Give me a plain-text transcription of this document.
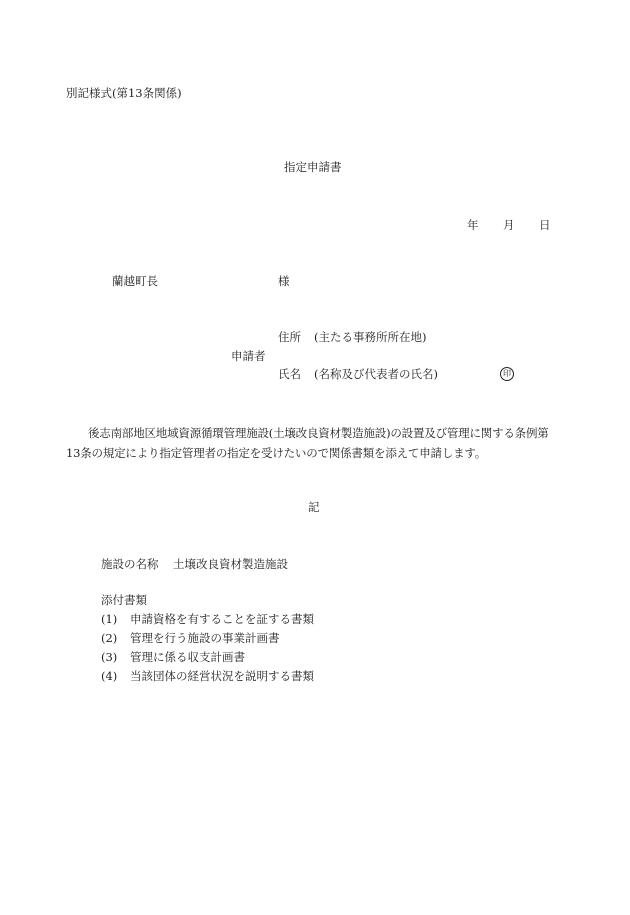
別記様式(第13条関係)
指定申請書
年 月 日
蘭越町長	様
住所 (主たる事務所所在地)
申請者
氏名 (名称及び代表者の氏名)	印
後志南部地区地域資源循環管理施設(土壌改良資材製造施設)の設置及び管理に関する条例第13条の規定により指定管理者の指定を受けたいので関係書類を添えて申請します。
記
施設の名称 土壌改良資材製造施設
添付書類
(1) 申請資格を有することを証する書類
(2) 管理を行う施設の事業計画書
(3) 管理に係る収支計画書
(4) 当該団体の経営状況を説明する書類
